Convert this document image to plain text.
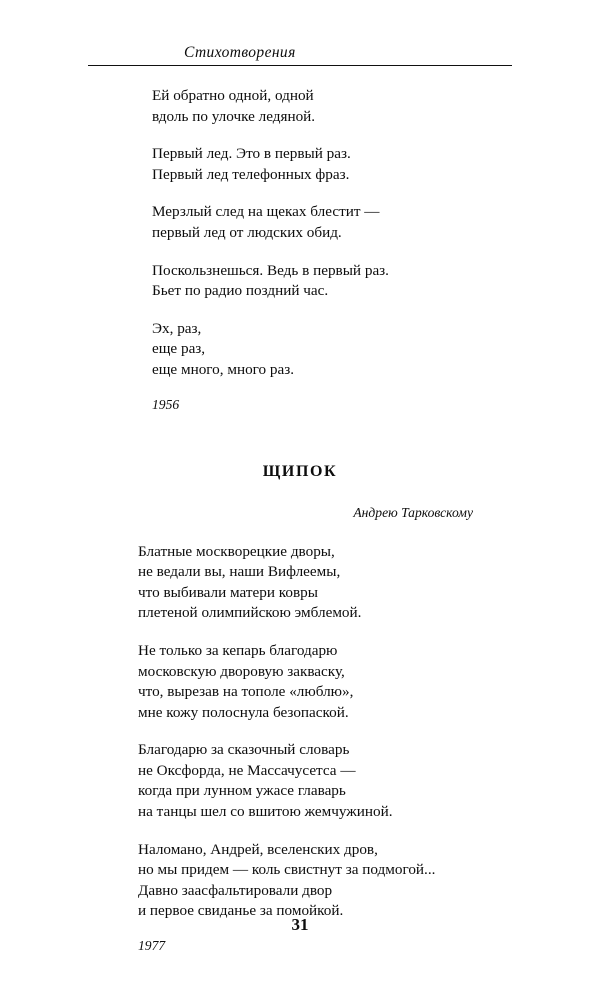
Стихотворения
Ей обратно одной, одной
вдоль по улочке ледяной.
Первый лед. Это в первый раз.
Первый лед телефонных фраз.
Мерзлый след на щеках блестит —
первый лед от людских обид.
Поскользнешься. Ведь в первый раз.
Бьет по радио поздний час.
Эх, раз,
еще раз,
еще много, много раз.
1956
ЩИПОК
Андрею Тарковскому
Блатные москворецкие дворы,
не ведали вы, наши Вифлеемы,
что выбивали матери ковры
плетеной олимпийскою эмблемой.
Не только за кепарь благодарю
московскую дворовую закваску,
что, вырезав на тополе «люблю»,
мне кожу полоснула безопаской.
Благодарю за сказочный словарь
не Оксфорда, не Массачусетса —
когда при лунном ужасе главарь
на танцы шел со вшитою жемчужиной.
Наломано, Андрей, вселенских дров,
но мы придем — коль свистнут за подмогой...
Давно заасфальтировали двор
и первое свиданье за помойкой.
1977
31
